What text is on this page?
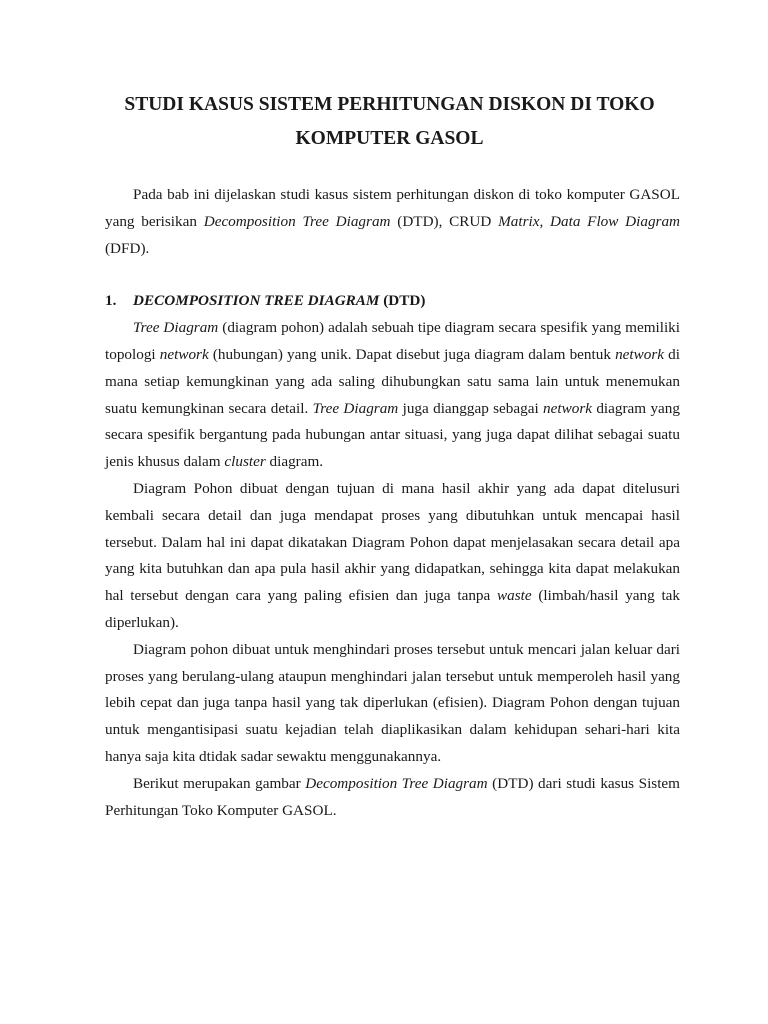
STUDI KASUS SISTEM PERHITUNGAN DISKON DI TOKO
KOMPUTER GASOL

Pada bab ini dijelaskan studi kasus sistem perhitungan diskon di toko komputer GASOL yang berisikan Decomposition Tree Diagram (DTD), CRUD Matrix, Data Flow Diagram (DFD).

1. DECOMPOSITION TREE DIAGRAM (DTD)

Tree Diagram (diagram pohon) adalah sebuah tipe diagram secara spesifik yang memiliki topologi network (hubungan) yang unik. Dapat disebut juga diagram dalam bentuk network di mana setiap kemungkinan yang ada saling dihubungkan satu sama lain untuk menemukan suatu kemungkinan secara detail. Tree Diagram juga dianggap sebagai network diagram yang secara spesifik bergantung pada hubungan antar situasi, yang juga dapat dilihat sebagai suatu jenis khusus dalam cluster diagram.

Diagram Pohon dibuat dengan tujuan di mana hasil akhir yang ada dapat ditelusuri kembali secara detail dan juga mendapat proses yang dibutuhkan untuk mencapai hasil tersebut. Dalam hal ini dapat dikatakan Diagram Pohon dapat menjelasakan secara detail apa yang kita butuhkan dan apa pula hasil akhir yang didapatkan, sehingga kita dapat melakukan hal tersebut dengan cara yang paling efisien dan juga tanpa waste (limbah/hasil yang tak diperlukan).

Diagram pohon dibuat untuk menghindari proses tersebut untuk mencari jalan keluar dari proses yang berulang-ulang ataupun menghindari jalan tersebut untuk memperoleh hasil yang lebih cepat dan juga tanpa hasil yang tak diperlukan (efisien). Diagram Pohon dengan tujuan untuk mengantisipasi suatu kejadian telah diaplikasikan dalam kehidupan sehari-hari kita hanya saja kita dtidak sadar sewaktu menggunakannya.

Berikut merupakan gambar Decomposition Tree Diagram (DTD) dari studi kasus Sistem Perhitungan Toko Komputer GASOL.
